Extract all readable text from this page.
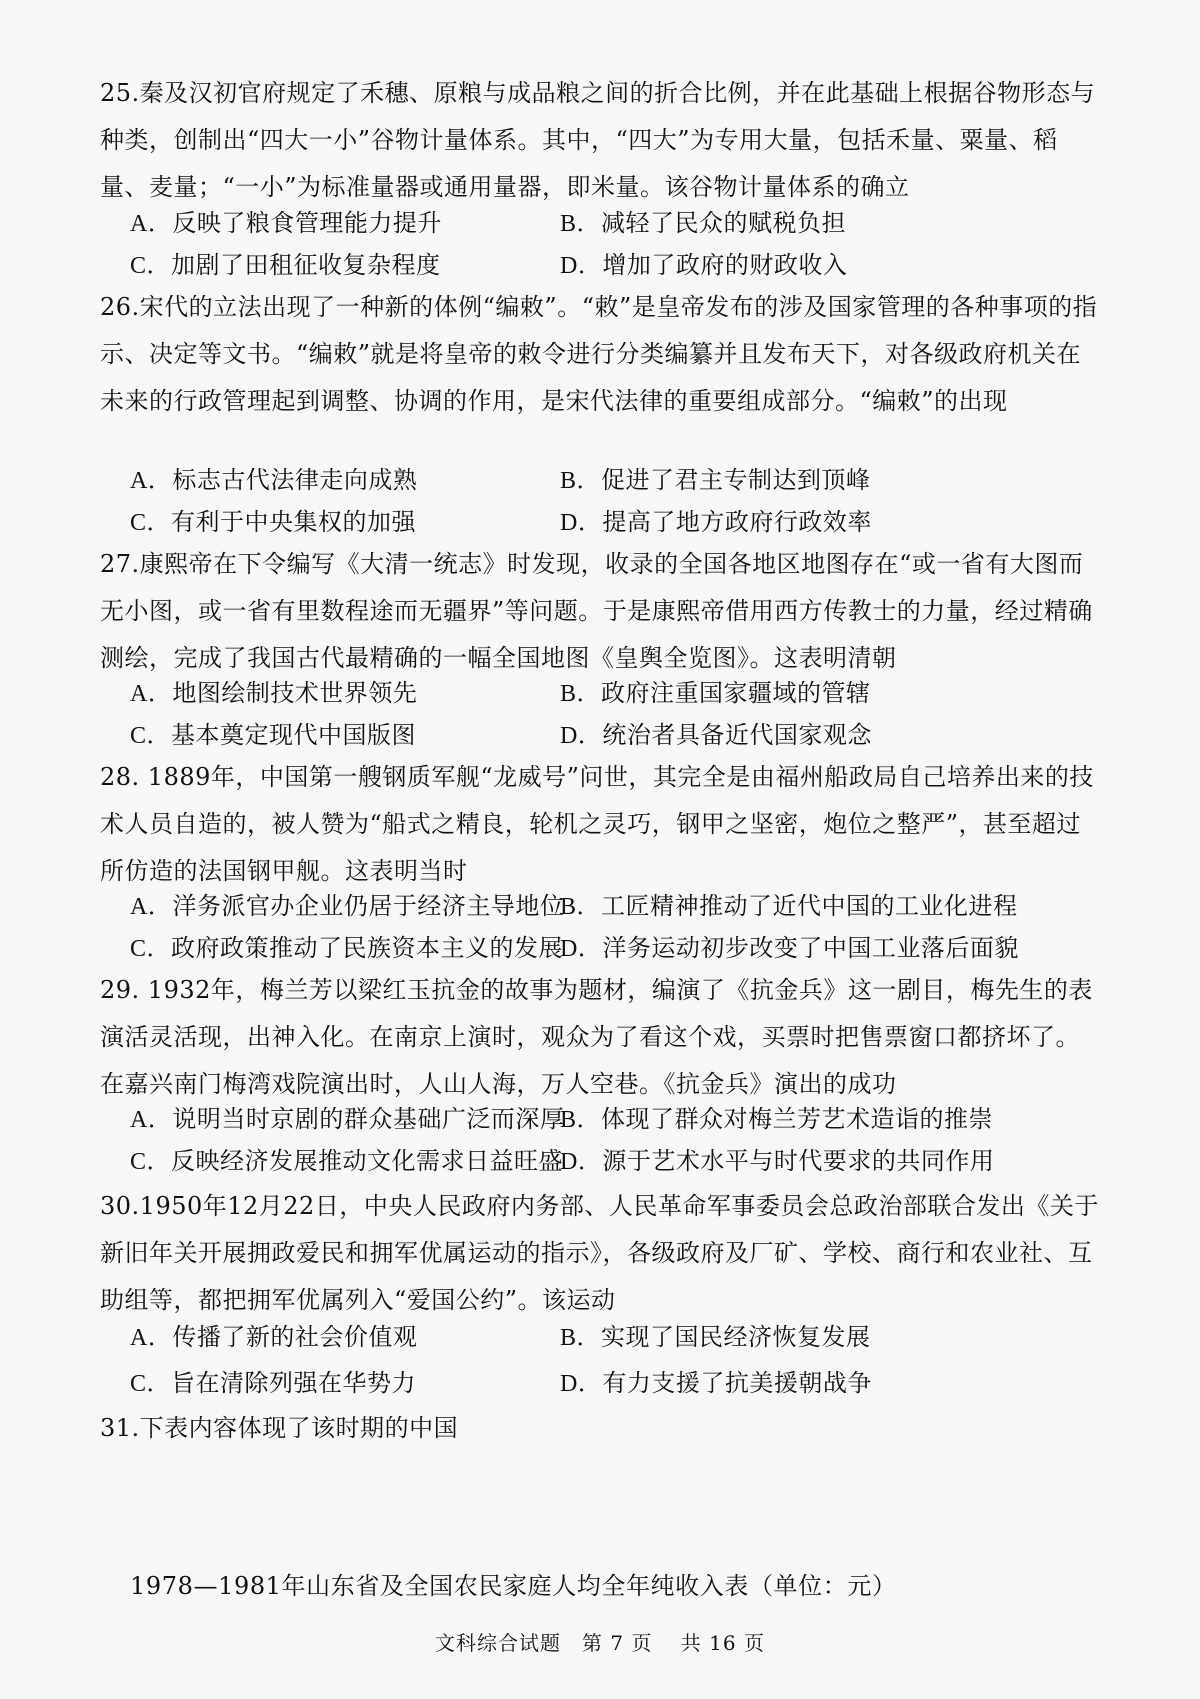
25.秦及汉初官府规定了禾穗、原粮与成品粮之间的折合比例，并在此基础上根据谷物形态与种类，创制出“四大一小”谷物计量体系。其中，“四大”为专用大量，包括禾量、粟量、稻量、麦量；“一小”为标准量器或通用量器，即米量。该谷物计量体系的确立

A．反映了粮食管理能力提升	B．减轻了民众的赋税负担
C．加剧了田租征收复杂程度	D．增加了政府的财政收入

26.宋代的立法出现了一种新的体例“编敕”。“敕”是皇帝发布的涉及国家管理的各种事项的指示、决定等文书。“编敕”就是将皇帝的敕令进行分类编纂并且发布天下，对各级政府机关在未来的行政管理起到调整、协调的作用，是宋代法律的重要组成部分。“编敕”的出现

A．标志古代法律走向成熟	B．促进了君主专制达到顶峰
C．有利于中央集权的加强	D．提高了地方政府行政效率

27.康熙帝在下令编写《大清一统志》时发现，收录的全国各地区地图存在“或一省有大图而无小图，或一省有里数程途而无疆界”等问题。于是康熙帝借用西方传教士的力量，经过精确测绘，完成了我国古代最精确的一幅全国地图《皇舆全览图》。这表明清朝

A．地图绘制技术世界领先	B．政府注重国家疆域的管辖
C．基本奠定现代中国版图	D．统治者具备近代国家观念

28. 1889年，中国第一艘钢质军舰“龙威号”问世，其完全是由福州船政局自己培养出来的技术人员自造的，被人赞为“船式之精良，轮机之灵巧，钢甲之坚密，炮位之整严”，甚至超过所仿造的法国钢甲舰。这表明当时

A．洋务派官办企业仍居于经济主导地位
B．工匠精神推动了近代中国的工业化进程
C．政府政策推动了民族资本主义的发展
D．洋务运动初步改变了中国工业落后面貌

29. 1932年，梅兰芳以梁红玉抗金的故事为题材，编演了《抗金兵》这一剧目，梅先生的表演活灵活现，出神入化。在南京上演时，观众为了看这个戏，买票时把售票窗口都挤坏了。在嘉兴南门梅湾戏院演出时，人山人海，万人空巷。《抗金兵》演出的成功

A．说明当时京剧的群众基础广泛而深厚
B．体现了群众对梅兰芳艺术造诣的推崇
C．反映经济发展推动文化需求日益旺盛
D．源于艺术水平与时代要求的共同作用

30.1950年12月22日，中央人民政府内务部、人民革命军事委员会总政治部联合发出《关于新旧年关开展拥政爱民和拥军优属运动的指示》，各级政府及厂矿、学校、商行和农业社、互助组等，都把拥军优属列入“爱国公约”。该运动

A．传播了新的社会价值观	B．实现了国民经济恢复发展
C．旨在清除列强在华势力	D．有力支援了抗美援朝战争

31.下表内容体现了该时期的中国

1978—1981年山东省及全国农民家庭人均全年纯收入表（单位：元）
文科综合试题　第 7 页　 共 16 页
